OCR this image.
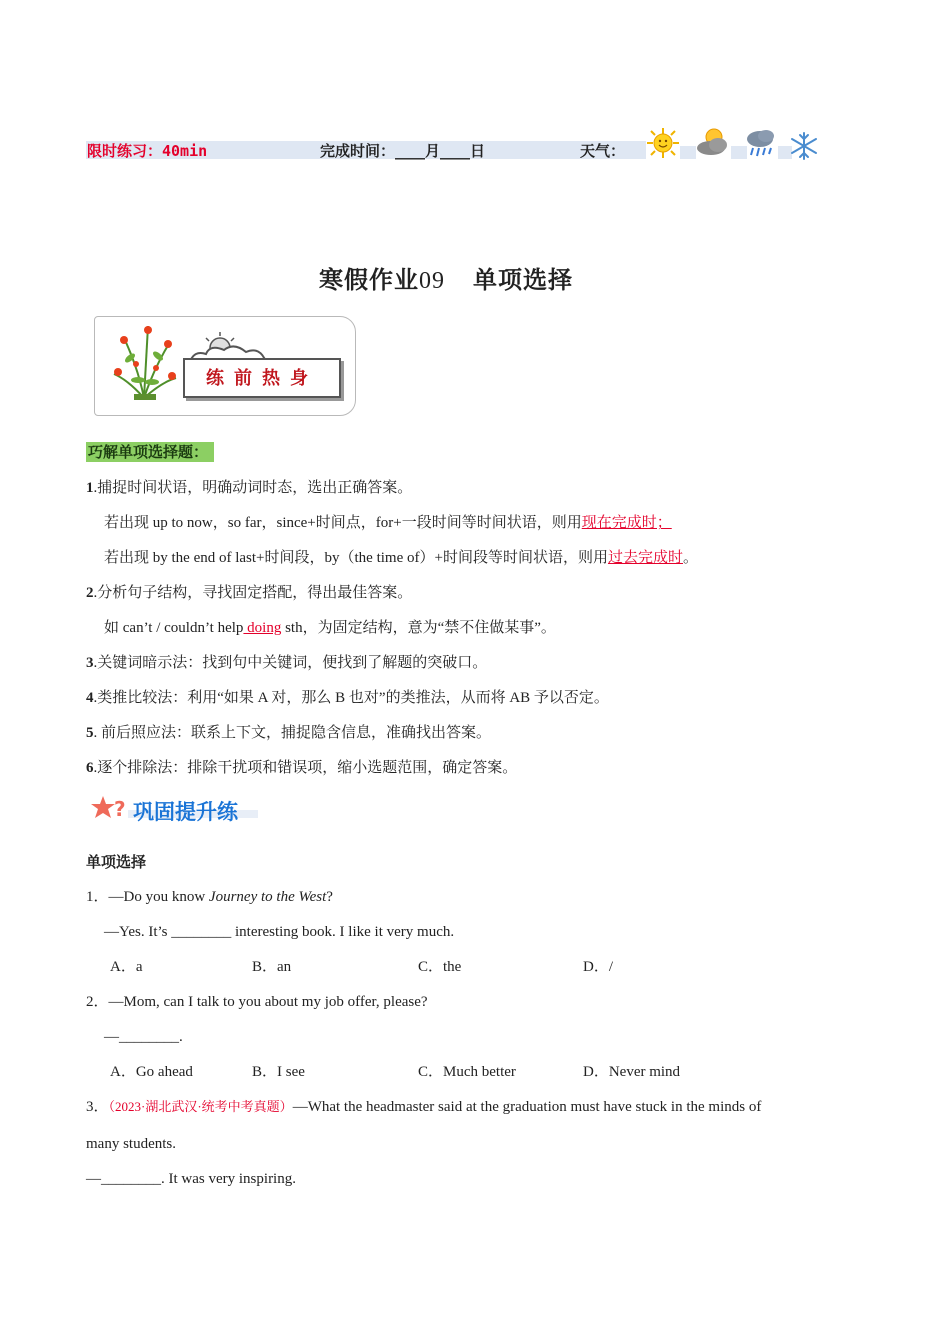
限时练习：40min	完成时间：____月____日	天气：
寒假作业09 单项选择
练前热身
巧解单项选择题：
1.捕捉时间状语，明确动词时态，选出正确答案。
若出现 up to now，so far，since+时间点，for+一段时间等时间状语，则用现在完成时；
若出现 by the end of last+时间段，by（the time of）+时间段等时间状语，则用过去完成时。
2.分析句子结构，寻找固定搭配，得出最佳答案。
如 can’t / couldn’t help doing sth，为固定结构，意为“禁不住做某事”。
3.关键词暗示法：找到句中关键词，便找到了解题的突破口。
4.类推比较法：利用“如果 A 对，那么 B 也对”的类推法，从而将 AB 予以否定。
5. 前后照应法：联系上下文，捕捉隐含信息，准确找出答案。
6.逐个排除法：排除干扰项和错误项，缩小选题范围，确定答案。
? 巩固提升练
单项选择
1．—Do you know Journey to the West?
—Yes. It’s ________ interesting book. I like it very much.
A．a	B．an	C．the	D．/
2．—Mom, can I talk to you about my job offer, please?
—________.
A．Go ahead	B．I see	C．Much better	D．Never mind
3．（2023·湖北武汉·统考中考真题）—What the headmaster said at the graduation must have stuck in the minds of
many students.
—________. It was very inspiring.
